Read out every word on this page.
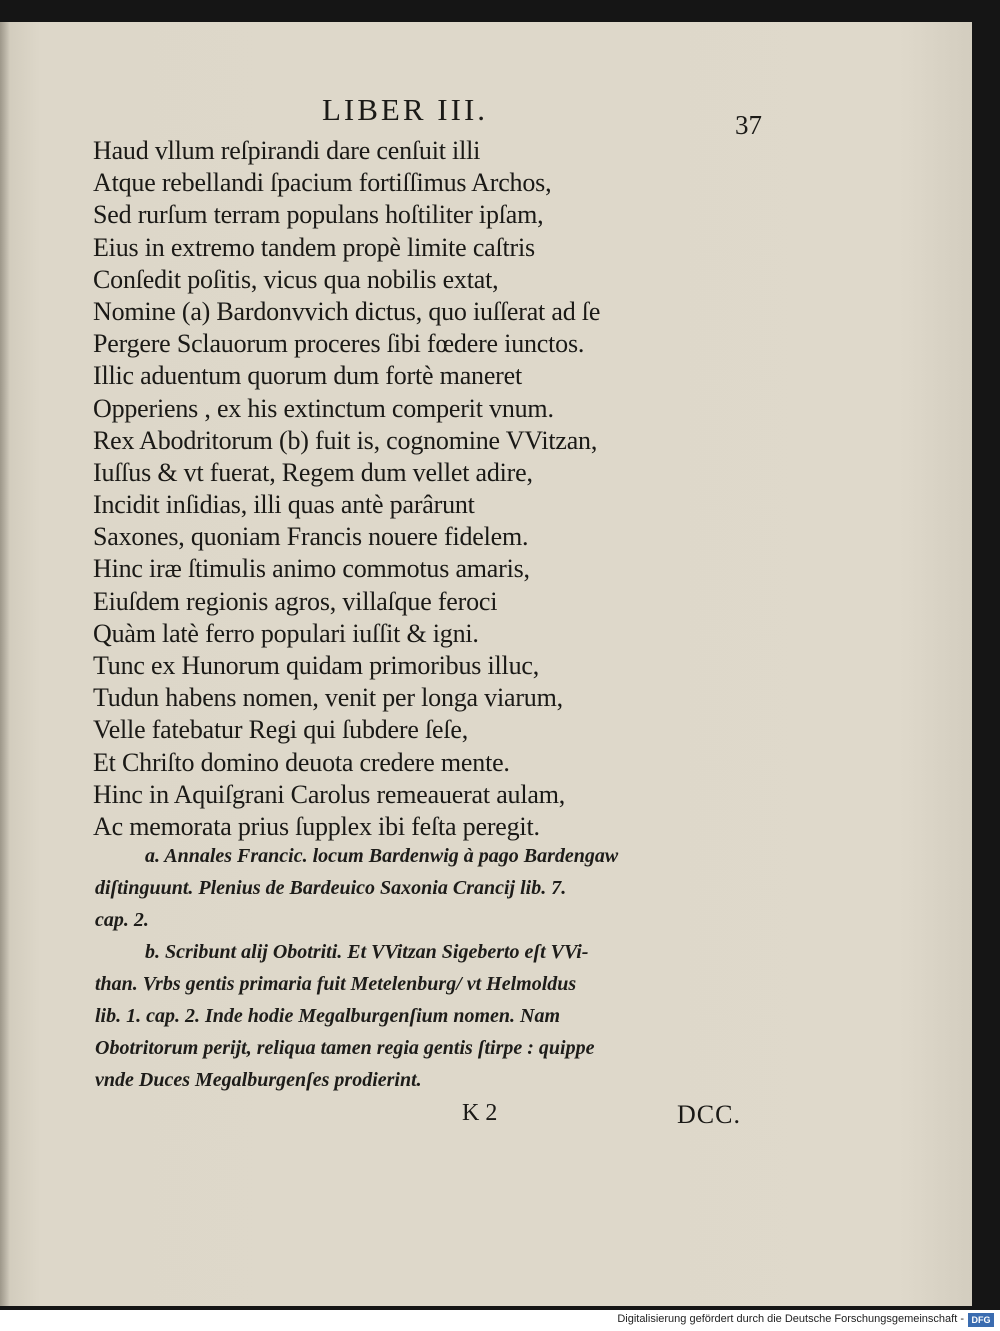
LIBER III.	37
Haud vllum reſpirandi dare cenſuit illi
Atque rebellandi ſpacium fortiſſimus Archos,
Sed rurſum terram populans hoſtiliter ipſam,
Eius in extremo tandem propè limite caſtris
Conſedit poſitis, vicus qua nobilis extat,
Nomine (a) Bardonvvich dictus, quo iuſſerat ad ſe
Pergere Sclauorum proceres ſibi fœdere iunctos.
Illic aduentum quorum dum fortè maneret
Opperiens , ex his extinctum comperit vnum.
Rex Abodritorum (b) fuit is, cognomine VVitzan,
Iuſſus & vt fuerat, Regem dum vellet adire,
Incidit inſidias, illi quas antè parârunt
Saxones, quoniam Francis nouere fidelem.
Hinc iræ ſtimulis animo commotus amaris,
Eiuſdem regionis agros, villaſque feroci
Quàm latè ferro populari iuſſit & igni.
Tunc ex Hunorum quidam primoribus illuc,
Tudun habens nomen, venit per longa viarum,
Velle fatebatur Regi qui ſubdere ſeſe,
Et Chriſto domino deuota credere mente.
Hinc in Aquiſgrani Carolus remeauerat aulam,
Ac memorata prius ſupplex ibi feſta peregit.
a. Annales Francic. locum Bardenwig à pago Bardengaw
diſtinguunt. Plenius de Bardeuico Saxonia Crancij lib. 7.
cap. 2.
b. Scribunt alij Obotriti. Et VVitzan Sigeberto eſt VVi-
than. Vrbs gentis primaria fuit Metelenburg/ vt Helmoldus
lib. 1. cap. 2. Inde hodie Megalburgenſium nomen. Nam
Obotritorum perijt, reliqua tamen regia gentis ſtirpe : quippe
vnde Duces Megalburgenſes prodierint.
K 2	DCC.
Digitalisierung gefördert durch die Deutsche Forschungsgemeinschaft - DFG
